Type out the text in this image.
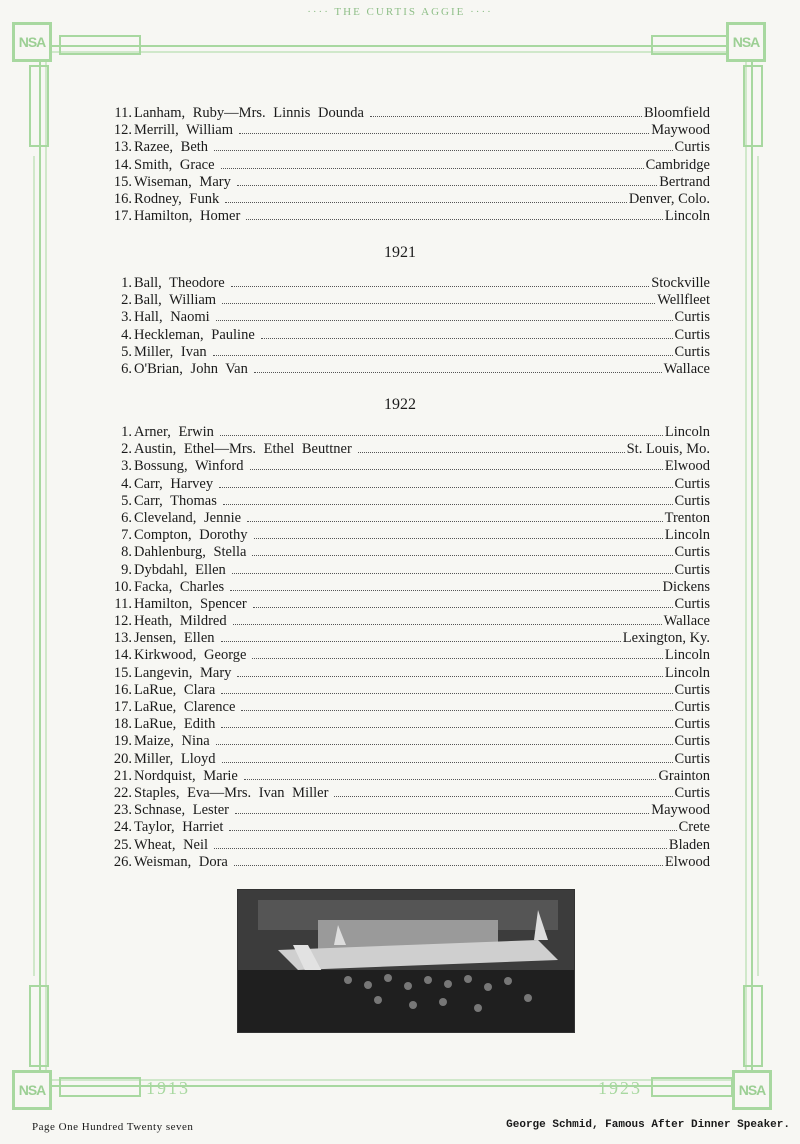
···· THE CURTIS AGGIE ····
NSA	NSA
NSA	NSA
1913	1923
11. Lanham, Ruby—Mrs. Linnis Dounda	Bloomfield
12. Merrill, William	Maywood
13. Razee, Beth	Curtis
14. Smith, Grace	Cambridge
15. Wiseman, Mary	Bertrand
16. Rodney, Funk	Denver, Colo.
17. Hamilton, Homer	Lincoln
1921
1. Ball, Theodore	Stockville
2. Ball, William	Wellfleet
3. Hall, Naomi	Curtis
4. Heckleman, Pauline	Curtis
5. Miller, Ivan	Curtis
6. O'Brian, John Van	Wallace
1922
1. Arner, Erwin	Lincoln
2. Austin, Ethel—Mrs. Ethel Beuttner	St. Louis, Mo.
3. Bossung, Winford	Elwood
4. Carr, Harvey	Curtis
5. Carr, Thomas	Curtis
6. Cleveland, Jennie	Trenton
7. Compton, Dorothy	Lincoln
8. Dahlenburg, Stella	Curtis
9. Dybdahl, Ellen	Curtis
10. Facka, Charles	Dickens
11. Hamilton, Spencer	Curtis
12. Heath, Mildred	Wallace
13. Jensen, Ellen	Lexington, Ky.
14. Kirkwood, George	Lincoln
15. Langevin, Mary	Lincoln
16. LaRue, Clara	Curtis
17. LaRue, Clarence	Curtis
18. LaRue, Edith	Curtis
19. Maize, Nina	Curtis
20. Miller, Lloyd	Curtis
21. Nordquist, Marie	Grainton
22. Staples, Eva—Mrs. Ivan Miller	Curtis
23. Schnase, Lester	Maywood
24. Taylor, Harriet	Crete
25. Wheat, Neil	Bladen
26. Weisman, Dora	Elwood
Page One Hundred Twenty seven	George Schmid, Famous After Dinner Speaker.
